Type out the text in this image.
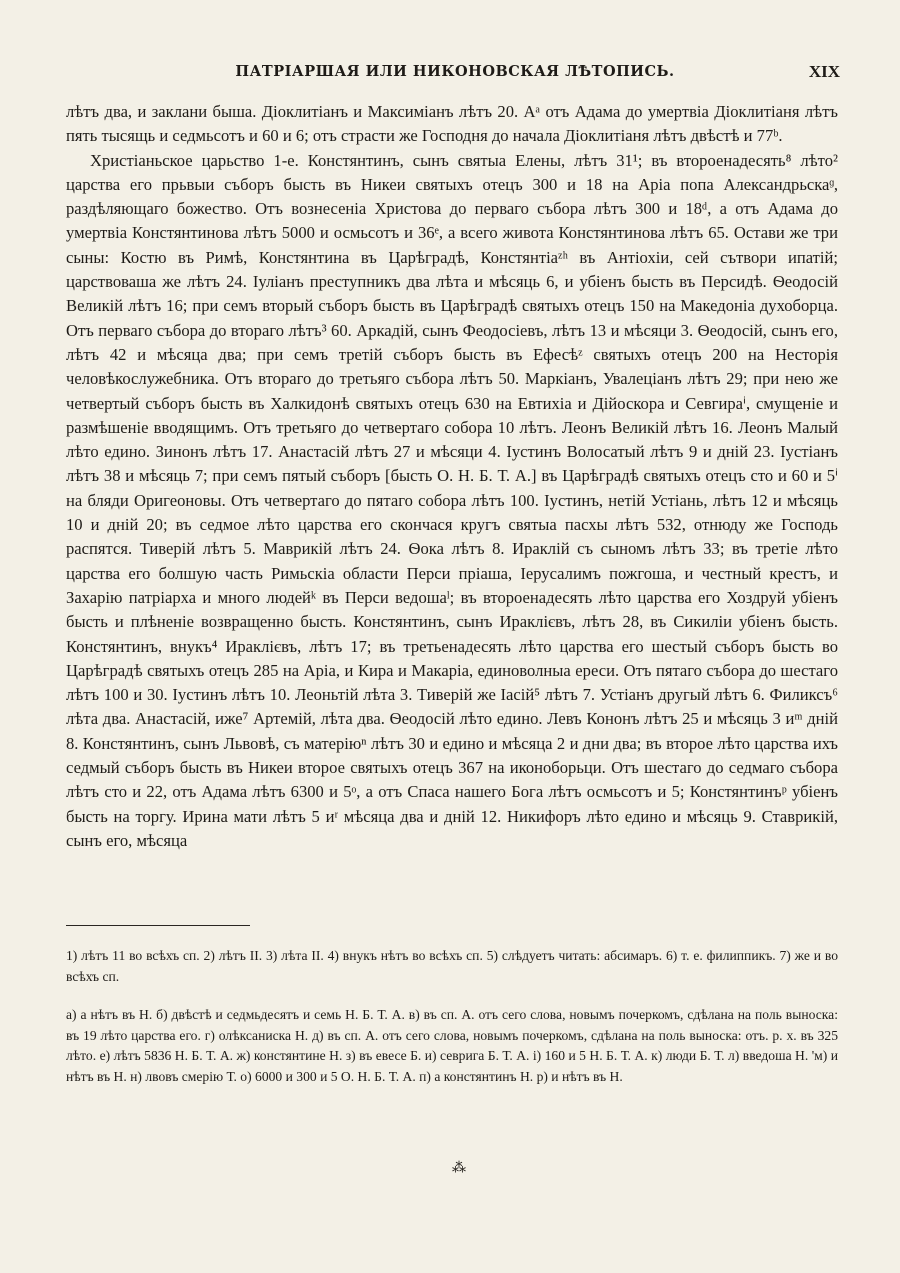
ПАТРІАРШАЯ ИЛИ НИКОНОВСКАЯ ЛѢТОПИСЬ.	XIX

лѣтъ два, и заклани быша. Діоклитіанъ и Максиміанъ лѣтъ 20. Аᵃ отъ Адама до умертвіа Діоклитіаня лѣтъ пять тысящь и седмьсотъ и 60 и 6; отъ страсти же Господня до начала Діоклитіаня лѣтъ двѣстѣ и 77ᵇ.

Христіаньское царьство 1-е. Констянтинъ, сынъ святыа Елены, лѣтъ 31¹; въ второенадесять⁸ лѣто² царства его прьвыи съборъ бысть въ Никеи святыхъ отецъ 300 и 18 на Аріа попа Александрьскаᶢ, раздѣляющаго божество. Отъ вознесеніа Христова до перваго събора лѣтъ 300 и 18ᵈ, а отъ Адама до умертвіа Констянтинова лѣтъ 5000 и осмьсотъ и 36ᵉ, а всего живота Констянтинова лѣтъ 65. Остави же три сыны: Костю въ Римѣ, Констянтина въ Царѣградѣ, Констянтіаᶻʰ въ Антіохіи, сей сътвори ипатій; царствоваша же лѣтъ 24. Іуліанъ преступникъ два лѣта и мѣсяць 6, и убіенъ бысть въ Персидѣ. Ѳеодосій Великій лѣтъ 16; при семъ вторый съборъ бысть въ Царѣградѣ святыхъ отецъ 150 на Македоніа духоборца. Отъ перваго събора до втораго лѣтъ³ 60. Аркадій, сынъ Феодосіевъ, лѣтъ 13 и мѣсяци 3. Ѳеодосій, сынъ его, лѣтъ 42 и мѣсяца два; при семъ третій съборъ бысть въ Ефесѣᶻ святыхъ отецъ 200 на Несторія человѣкослужебника. Отъ втораго до третьяго събора лѣтъ 50. Маркіанъ, Увалеціанъ лѣтъ 29; при нею же четвертый съборъ бысть въ Халкидонѣ святыхъ отецъ 630 на Евтихіа и Дійоскора и Севгираⁱ, смущеніе и размѣшеніе вводящимъ. Отъ третьяго до четвертаго собора 10 лѣтъ. Леонъ Великій лѣтъ 16. Леонъ Малый лѣто едино. Зинонъ лѣтъ 17. Анастасій лѣтъ 27 и мѣсяци 4. Іустинъ Волосатый лѣтъ 9 и дній 23. Іустіанъ лѣтъ 38 и мѣсяць 7; при семъ пятый съборъ [бысть О. Н. Б. Т. А.] въ Царѣградѣ святыхъ отецъ сто и 60 и 5ⁱ на бляди Оригеоновы. Отъ четвертаго до пятаго собора лѣтъ 100. Іустинъ, нетій Устіань, лѣтъ 12 и мѣсяць 10 и дній 20; въ седмое лѣто царства его скончася кругъ святыа пасхы лѣтъ 532, отнюду же Господь распятся. Тиверій лѣтъ 5. Маврикій лѣтъ 24. Ѳока лѣтъ 8. Ираклій съ сыномъ лѣтъ 33; въ третіе лѣто царства его болшую часть Римьскіа области Перси пріаша, Іерусалимъ пожгоша, и честный крестъ, и Захарію патріарха и много людейᵏ въ Перси ведошаˡ; въ второенадесять лѣто царства его Хоздруй убіенъ бысть и плѣненіе возвращенно бысть. Констянтинъ, сынъ Ираклієвъ, лѣтъ 28, въ Сикиліи убіенъ бысть. Констянтинъ, внукъ⁴ Ираклієвъ, лѣтъ 17; въ третьенадесять лѣто царства его шестый съборъ бысть во Царѣградѣ святыхъ отецъ 285 на Аріа, и Кира и Макаріа, единоволныа ереси. Отъ пятаго събора до шестаго лѣтъ 100 и 30. Іустинъ лѣтъ 10. Леоньтій лѣта 3. Тиверій же Іасій⁵ лѣтъ 7. Устіанъ другый лѣтъ 6. Филиксъ⁶ лѣта два. Анастасій, иже⁷ Артемій, лѣта два. Ѳеодосій лѣто едино. Левъ Кононъ лѣтъ 25 и мѣсяць 3 иᵐ дній 8. Констянтинъ, сынъ Львовѣ, съ матеріюⁿ лѣтъ 30 и едино и мѣсяца 2 и дни два; въ второе лѣто царства ихъ седмый съборъ бысть въ Никеи второе святыхъ отецъ 367 на иконоборьци. Отъ шестаго до седмаго събора лѣтъ сто и 22, отъ Адама лѣтъ 6300 и 5ᵒ, а отъ Спаса нашего Бога лѣтъ осмьсотъ и 5; Констянтинъᵖ убіенъ бысть на торгу. Ирина мати лѣтъ 5 иʳ мѣсяца два и дній 12. Никифоръ лѣто едино и мѣсяць 9. Ставрикій, сынъ его, мѣсяца

1) лѣтъ 11 во всѣхъ сп. 2) лѣтъ II. 3) лѣта II. 4) внукъ нѣтъ во всѣхъ сп. 5) слѣдуетъ читать: абсимаръ. 6) т. е. филиппикъ. 7) же и во всѣхъ сп.

а) а нѣтъ въ Н. б) двѣстѣ и седмьдесятъ и семь Н. Б. Т. А. в) въ сп. А. отъ сего слова, новымъ почеркомъ, сдѣлана на поль выноска: въ 19 лѣто царства его. г) олѣксаниска Н. д) въ сп. А. отъ сего слова, новымъ почеркомъ, сдѣлана на поль выноска: отъ. р. х. въ 325 лѣто. е) лѣтъ 5836 Н. Б. Т. А. ж) констянтине Н. з) въ евесе Б. и) севрига Б. Т. А. і) 160 и 5 Н. Б. Т. А. к) люди Б. Т. л) введоша Н. 'м) и нѣтъ въ Н. н) лвовъ смерію Т. о) 6000 и 300 и 5 О. Н. Б. Т. А. п) а констянтинъ Н. р) и нѣтъ въ Н.

⁂
